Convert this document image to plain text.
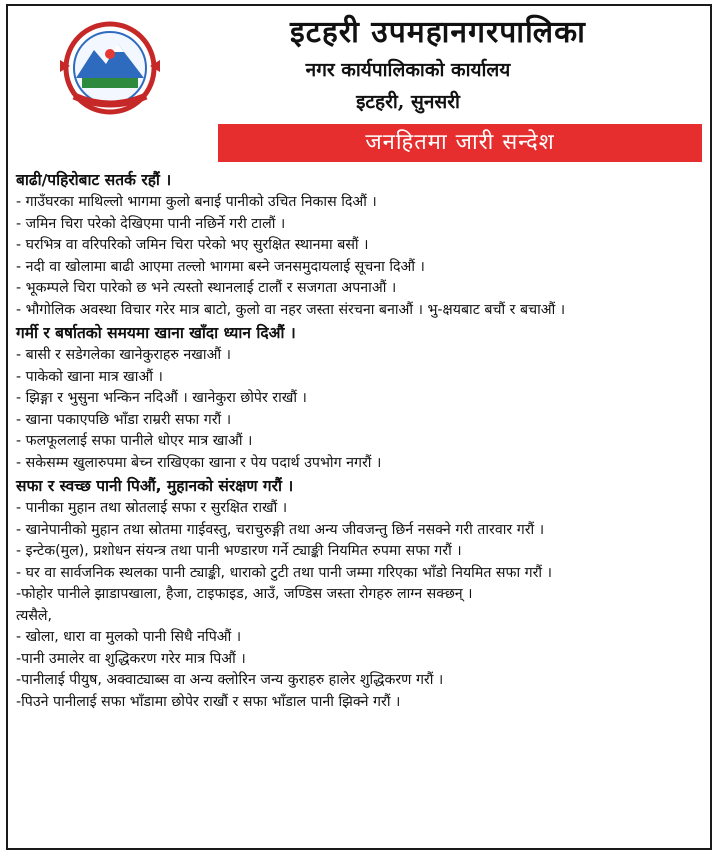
इटहरी उपमहानगरपालिका
नगर कार्यपालिकाको कार्यालय
इटहरी, सुनसरी
जनहितमा जारी सन्देश
बाढी/पहिरोबाट सतर्क रहौं ।
- गाउँघरका माथिल्लो भागमा कुलो बनाई पानीको उचित निकास दिऔं ।
- जमिन चिरा परेको देखिएमा पानी नछिर्ने गरी टालौं ।
- घरभित्र वा वरिपरिको जमिन चिरा परेको भए सुरक्षित स्थानमा बसौं ।
- नदी वा खोलामा बाढी आएमा तल्लो भागमा बस्ने जनसमुदायलाई सूचना दिऔं ।
- भूकम्पले चिरा पारेको छ भने त्यस्तो स्थानलाई टालौं र सजगता अपनाऔं ।
- भौगोलिक अवस्था विचार गरेर मात्र बाटो, कुलो वा नहर जस्ता संरचना बनाऔं । भु-क्षयबाट बचौं र बचाऔं ।
गर्मी र बर्षातको समयमा खाना खाँदा ध्यान दिऔं ।
- बासी र सडेगलेका खानेकुराहरु नखाऔं ।
- पाकेको खाना मात्र खाऔं ।
- झिङ्गा र भुसुना भन्किन नदिऔं । खानेकुरा छोपेर राखौं ।
- खाना पकाएपछि भाँडा राम्ररी सफा गरौं ।
- फलफूललाई सफा पानीले धोएर मात्र खाऔं ।
- सकेसम्म खुलारुपमा बेच्न राखिएका खाना र पेय पदार्थ उपभोग नगरौं ।
सफा र स्वच्छ पानी पिऔं, मुहानको संरक्षण गरौं ।
- पानीका मुहान तथा स्रोतलाई सफा र सुरक्षित राखौं ।
- खानेपानीको मुहान तथा स्रोतमा गाईवस्तु, चराचुरुङ्गी तथा अन्य जीवजन्तु छिर्न नसक्ने गरी तारवार गरौं ।
- इन्टेक(मुल), प्रशोधन संयन्त्र तथा पानी भण्डारण गर्ने ट्याङ्की नियमित रुपमा सफा गरौं ।
- घर वा सार्वजनिक स्थलका पानी ट्याङ्की, धाराको टुटी तथा पानी जम्मा गरिएका भाँडो नियमित सफा गरौं ।
-फोहोर पानीले झाडापखाला, हैजा, टाइफाइड, आउँ, जण्डिस जस्ता रोगहरु लाग्न सक्छन् ।
त्यसैले,
- खोला, धारा वा मुलको पानी सिधै नपिऔं ।
-पानी उमालेर वा शुद्धिकरण गरेर मात्र पिऔं ।
-पानीलाई पीयुष, अक्वाट्याब्स वा अन्य क्लोरिन जन्य कुराहरु हालेर शुद्धिकरण गरौं ।
-पिउने पानीलाई सफा भाँडामा छोपेर राखौं र सफा भाँडाल पानी झिक्ने गरौं ।
